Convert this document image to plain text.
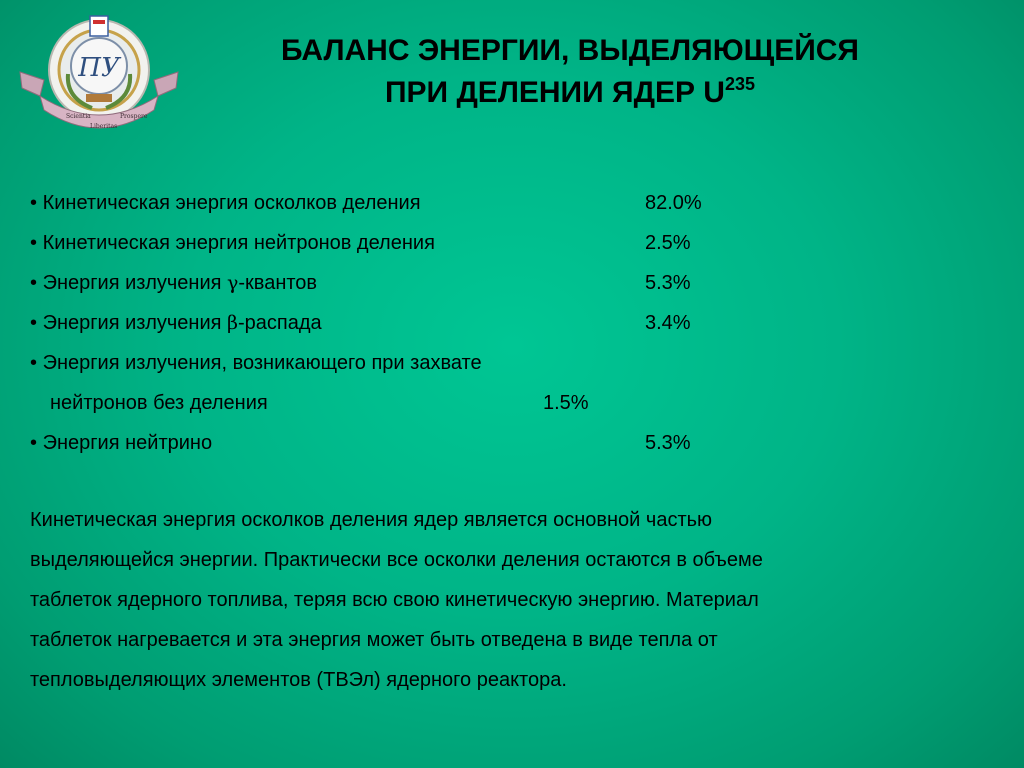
ПУ
Scientia
Liberitas
Prospere
БАЛАНС ЭНЕРГИИ, ВЫДЕЛЯЮЩЕЙСЯ
ПРИ ДЕЛЕНИИ ЯДЕР $U^{235}$
• Кинетическая энергия осколков деления	82.0%
• Кинетическая энергия нейтронов деления	2.5%
• Энергия излучения γ-квантов	5.3%
• Энергия излучения β-распада	3.4%
• Энергия излучения, возникающего при захвате
нейтронов без деления	1.5%
• Энергия нейтрино	5.3%
Кинетическая энергия осколков деления ядер является основной частью
выделяющейся энергии. Практически все осколки деления остаются в объеме
таблеток ядерного топлива, теряя всю свою кинетическую энергию. Материал
таблеток нагревается и эта энергия может быть отведена в виде тепла от
тепловыделяющих элементов (ТВЭл) ядерного реактора.
